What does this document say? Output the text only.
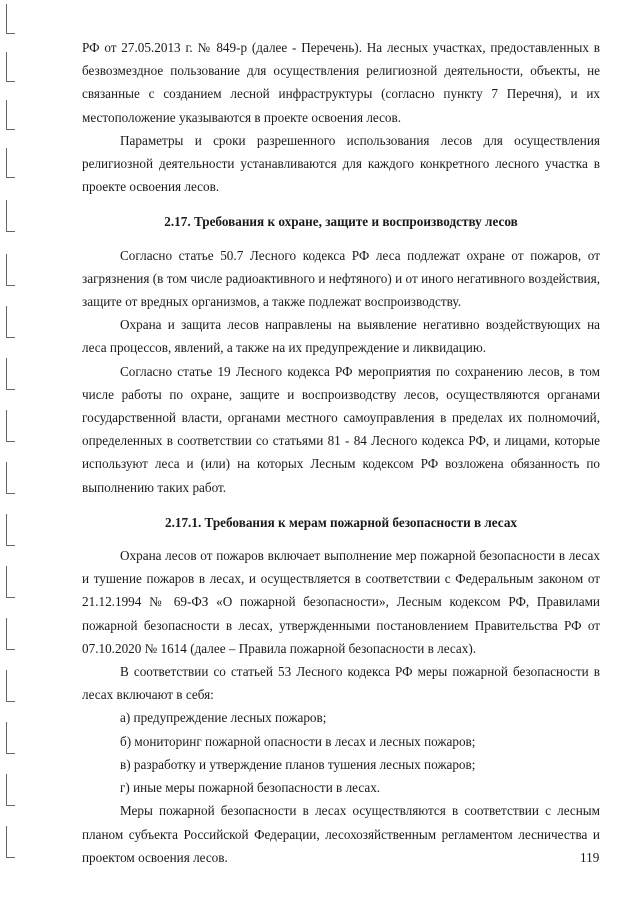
РФ от 27.05.2013 г. № 849-р (далее - Перечень). На лесных участках, предоставленных в безвозмездное пользование для осуществления религиозной деятельности, объекты, не связанные с созданием лесной инфраструктуры (согласно пункту 7 Перечня), и их местоположение указываются в проекте освоения лесов.

Параметры и сроки разрешенного использования лесов для осуществления религиозной деятельности устанавливаются для каждого конкретного лесного участка в проекте освоения лесов.

2.17. Требования к охране, защите и воспроизводству лесов

Согласно статье 50.7 Лесного кодекса РФ леса подлежат охране от пожаров, от загрязнения (в том числе радиоактивного и нефтяного) и от иного негативного воздействия, защите от вредных организмов, а также подлежат воспроизводству.

Охрана и защита лесов направлены на выявление негативно воздействующих на леса процессов, явлений, а также на их предупреждение и ликвидацию.

Согласно статье 19 Лесного кодекса РФ мероприятия по сохранению лесов, в том числе работы по охране, защите и воспроизводству лесов, осуществляются органами государственной власти, органами местного самоуправления в пределах их полномочий, определенных в соответствии со статьями 81 - 84 Лесного кодекса РФ, и лицами, которые используют леса и (или) на которых Лесным кодексом РФ возложена обязанность по выполнению таких работ.

2.17.1. Требования к мерам пожарной безопасности в лесах

Охрана лесов от пожаров включает выполнение мер пожарной безопасности в лесах и тушение пожаров в лесах, и осуществляется в соответствии с Федеральным законом от 21.12.1994 № 69-ФЗ «О пожарной безопасности», Лесным кодексом РФ, Правилами пожарной безопасности в лесах, утвержденными постановлением Правительства РФ от 07.10.2020 № 1614 (далее – Правила пожарной безопасности в лесах).

В соответствии со статьей 53 Лесного кодекса РФ меры пожарной безопасности в лесах включают в себя:

а) предупреждение лесных пожаров;

б) мониторинг пожарной опасности в лесах и лесных пожаров;

в) разработку и утверждение планов тушения лесных пожаров;

г) иные меры пожарной безопасности в лесах.

Меры пожарной безопасности в лесах осуществляются в соответствии с лесным планом субъекта Российской Федерации, лесохозяйственным регламентом лесничества и проектом освоения лесов.	119
